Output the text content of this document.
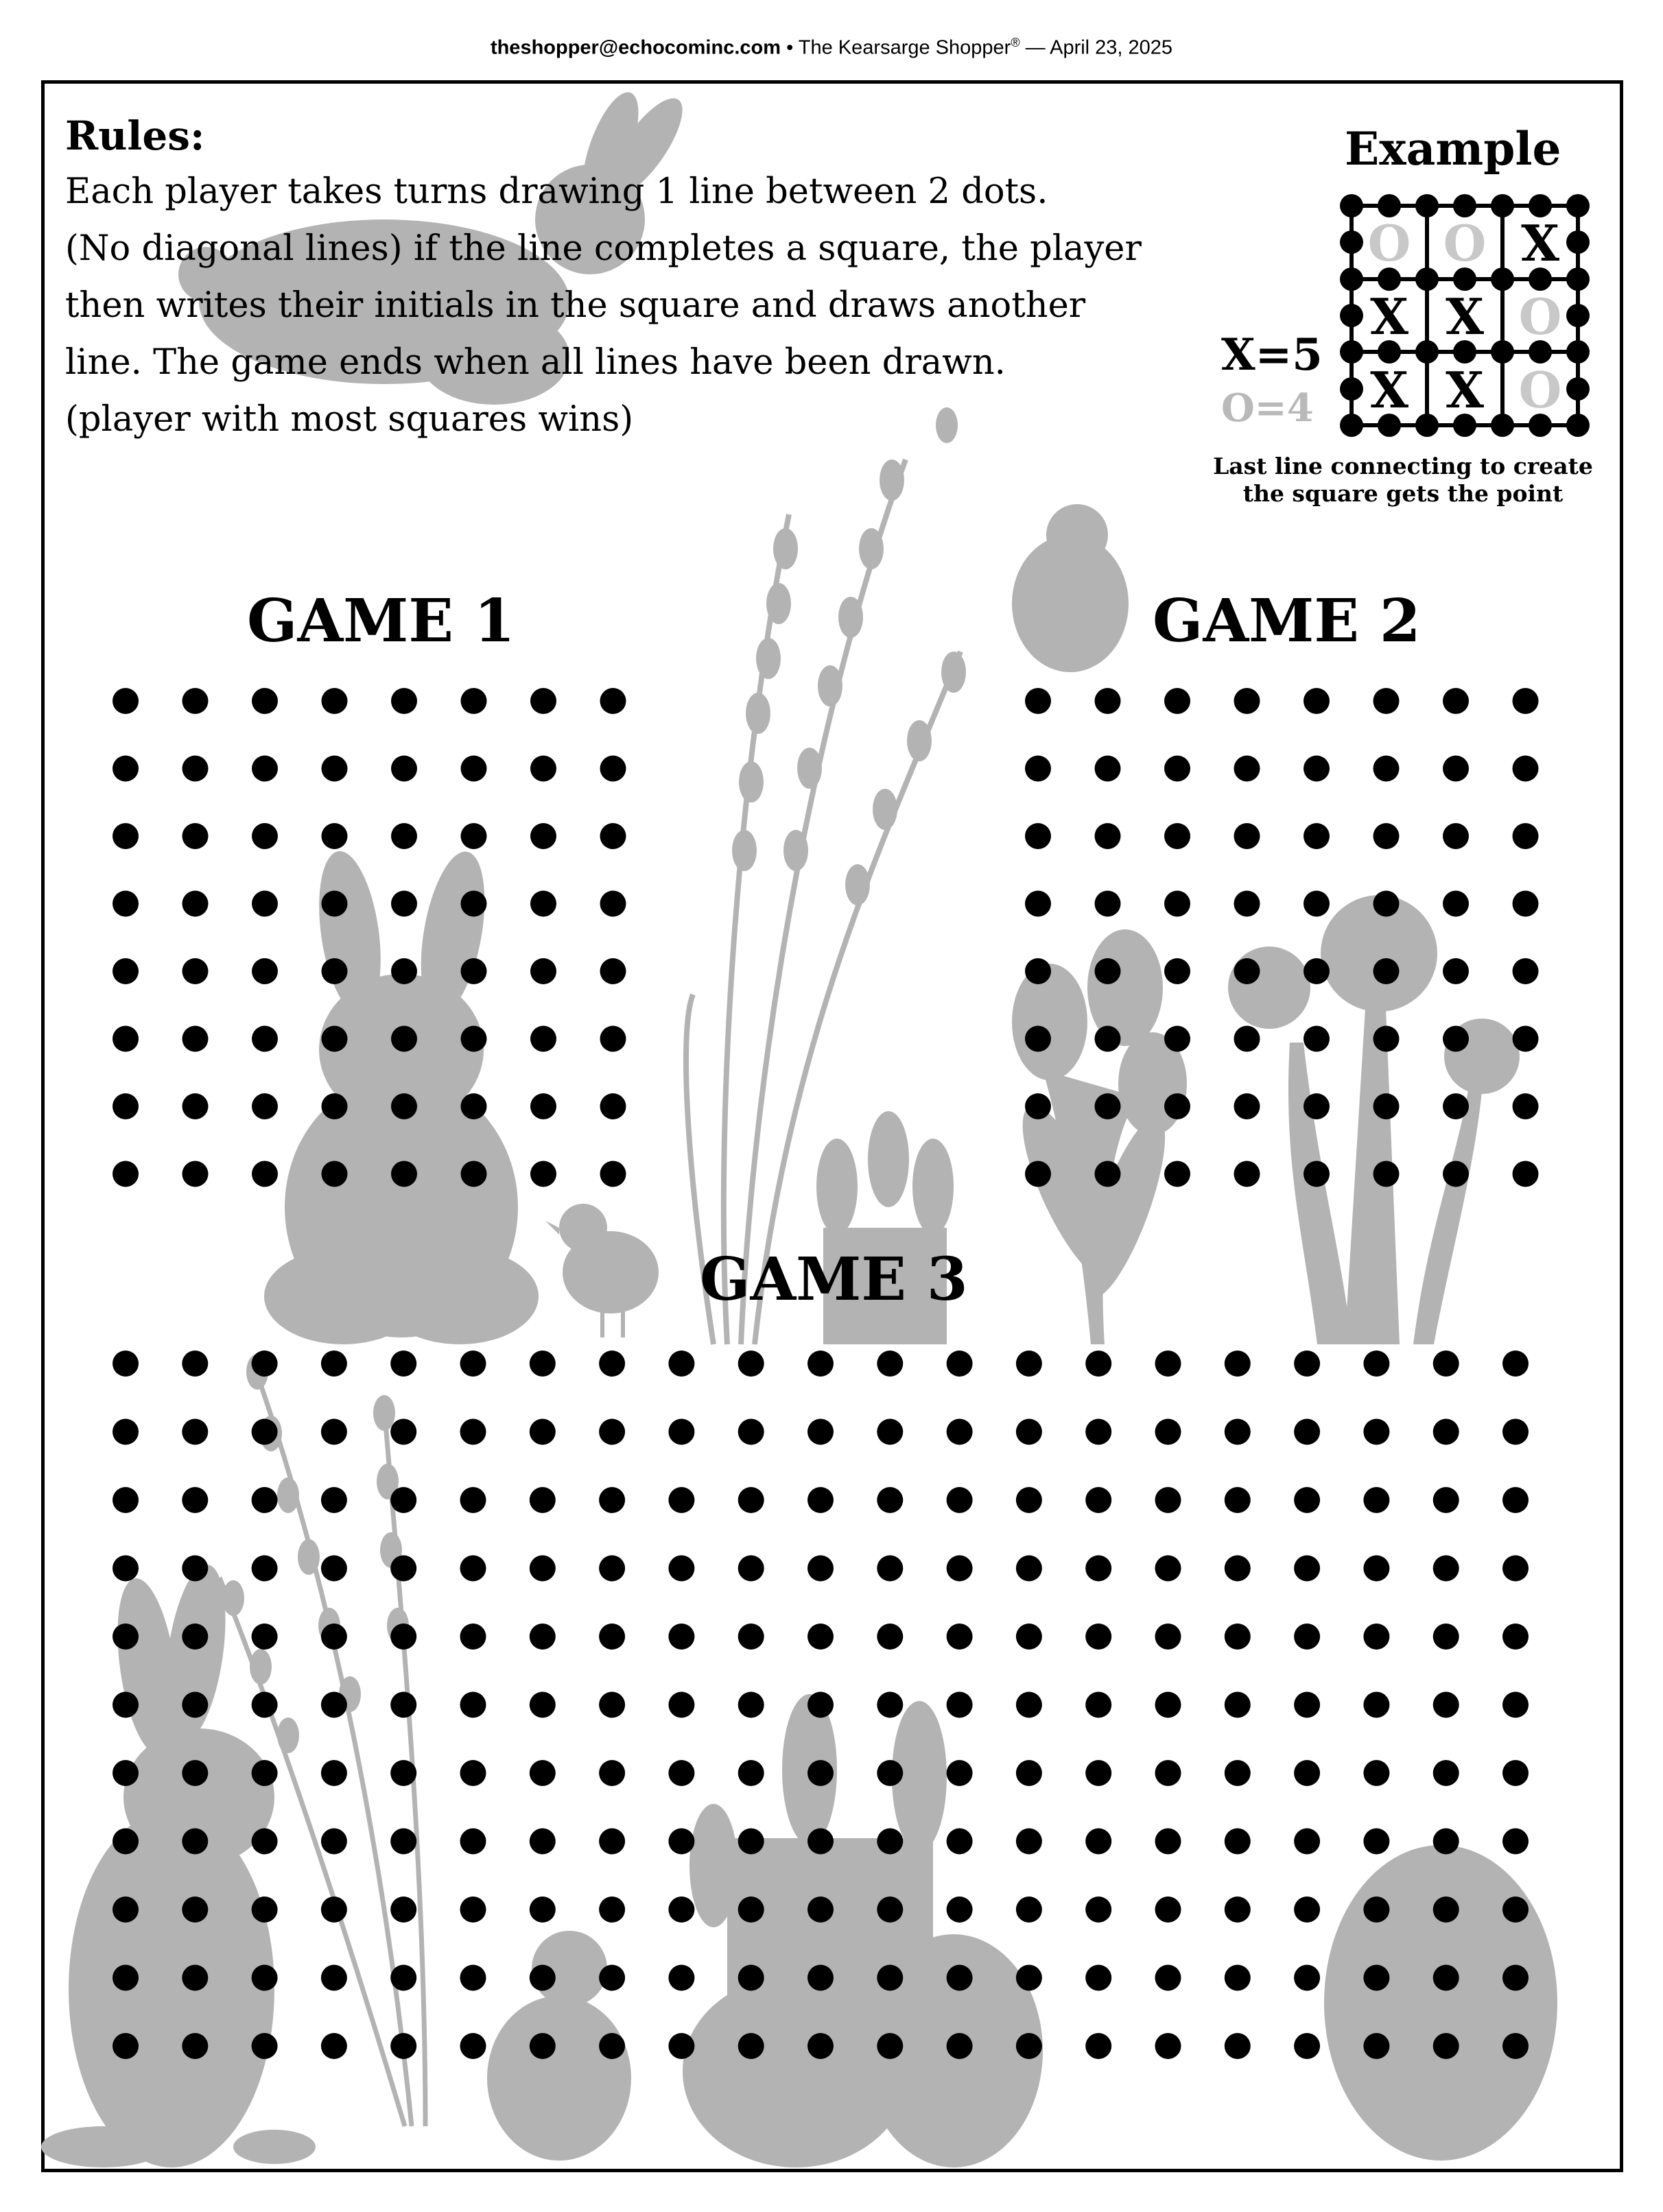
theshopper@echocominc.com • The Kearsarge Shopper® — April 23, 2025
O O X
X X O
X X O
Rules:
Each player takes turns drawing 1 line between 2 dots.
(No diagonal lines) if the line completes a square, the player
then writes their initials in the square and draws another
line. The game ends when all lines have been drawn.
(player with most squares wins)
Example
X=5
O=4
Last line connecting to create
the square gets the point
GAME 1	GAME 2
GAME 3
